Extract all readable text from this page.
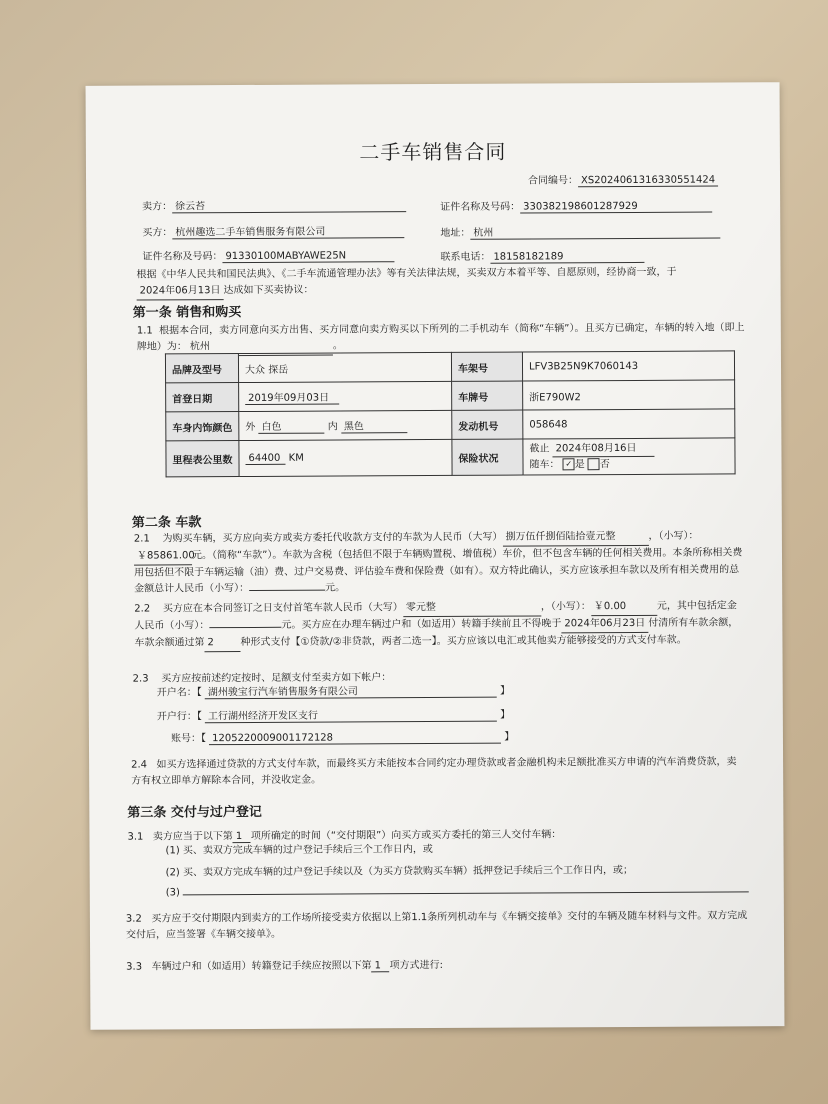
二手车销售合同
合同编号： XS2024061316330551424
卖方： 徐云苔	证件名称及号码： 330382198601287929
买方： 杭州趣选二手车销售服务有限公司	地址： 杭州
证件名称及号码： 91330100MABYAWE25N	联系电话： 18158182189
根据《中华人民共和国民法典》、《二手车流通管理办法》等有关法律法规，买卖双方本着平等、自愿原则，经协商一致，于2024年06月13日 达成如下买卖协议：
第一条 销售和购买
1.1 根据本合同，卖方同意向买方出售、买方同意向卖方购买以下所列的二手机动车（简称“车辆”）。且买方已确定，车辆的转入地（即上牌地）为： 杭州	。
品牌及型号	大众 探岳	车架号	LFV3B25N9K7060143
首登日期	2019年09月03日	车牌号	浙E790W2
车身内饰颜色	外 白色 内 黑色	发动机号	058648
里程表公里数	64400 KM	保险状况	截止 2024年08月16日
随车： ✓ 是 否
第二条 车款
2.1 为购买车辆，买方应向卖方或卖方委托代收款方支付的车款为人民币（大写） 捌万伍仟捌佰陆拾壹元整	，（小写）： ￥85861.00元。（简称“车款”）。车款为含税（包括但不限于车辆购置税、增值税）车价，但不包含车辆的任何相关费用。本条所称相关费用包括但不限于车辆运输（油）费、过户交易费、评估验车费和保险费（如有）。双方特此确认，买方应该承担车款以及所有相关费用的总金额总计人民币（小写）：	元。
2.2 买方应在本合同签订之日支付首笔车款人民币（大写） 零元整	，（小写）： ￥0.00	元，其中包括定金人民币（小写）：	元。买方应在办理车辆过户和（如适用）转籍手续前且不得晚于 2024年06月23日 付清所有车款余额，车款余额通过第 2	种形式支付【①贷款/②非贷款，两者二选一】。买方应该以电汇或其他卖方能够接受的方式支付车款。
2.3 买方应按前述约定按时、足额支付至卖方如下帐户：
开户名：【 湖州骏宝行汽车销售服务有限公司	】
开户行：【 工行湖州经济开发区支行	】
账号：【 1205220009001172128	】
2.4 如买方选择通过贷款的方式支付车款，而最终买方未能按本合同约定办理贷款或者金融机构未足额批准买方申请的汽车消费贷款，卖方有权立即单方解除本合同，并没收定金。
第三条 交付与过户登记
3.1 卖方应当于以下第 1 项所确定的时间（“交付期限”）向买方或买方委托的第三人交付车辆：
(1) 买、卖双方完成车辆的过户登记手续后三个工作日内，或
(2) 买、卖双方完成车辆的过户登记手续以及（为买方贷款购买车辆）抵押登记手续后三个工作日内，或；
(3)
3.2 买方应于交付期限内到卖方的工作场所接受卖方依据以上第1.1条所列机动车与《车辆交接单》交付的车辆及随车材料与文件。双方完成交付后，应当签署《车辆交接单》。
3.3 车辆过户和（如适用）转籍登记手续应按照以下第 1 项方式进行:
